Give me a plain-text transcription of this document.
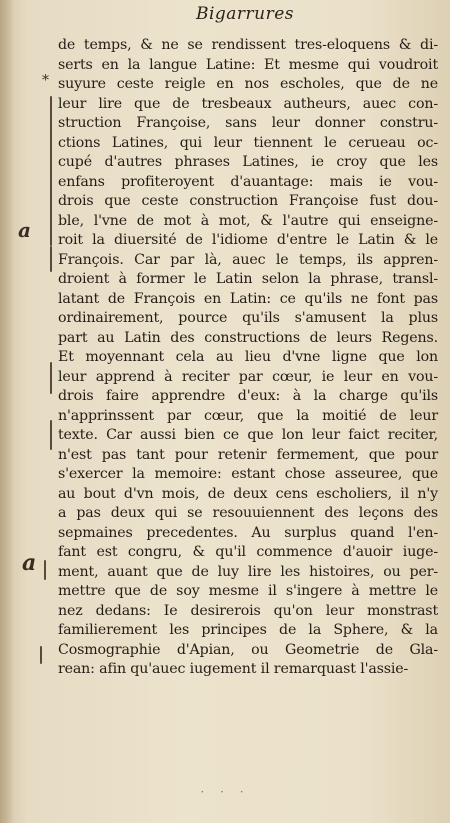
Bigarrures
⁎
a
a
de temps, & ne se rendissent tres-eloquens & di-
serts en la langue Latine: Et mesme qui voudroit
suyure ceste reigle en nos escholes, que de ne
leur lire que de tresbeaux autheurs, auec con-
struction Françoise, sans leur donner constru-
ctions Latines, qui leur tiennent le cerueau oc-
cupé d'autres phrases Latines, ie croy que les
enfans profiteroyent d'auantage: mais ie vou-
drois que ceste construction Françoise fust dou-
ble, l'vne de mot à mot, & l'autre qui enseigne-
roit la diuersité de l'idiome d'entre le Latin & le
François. Car par là, auec le temps, ils appren-
droient à former le Latin selon la phrase, transl-
latant de François en Latin: ce qu'ils ne font pas
ordinairement, pource qu'ils s'amusent la plus
part au Latin des constructions de leurs Regens.
Et moyennant cela au lieu d'vne ligne que lon
leur apprend à reciter par cœur, ie leur en vou-
drois faire apprendre d'eux: à la charge qu'ils
n'apprinssent par cœur, que la moitié de leur
texte. Car aussi bien ce que lon leur faict reciter,
n'est pas tant pour retenir fermement, que pour
s'exercer la memoire: estant chose asseuree, que
au bout d'vn mois, de deux cens escholiers, il n'y
a pas deux qui se resouuiennent des leçons des
sepmaines precedentes. Au surplus quand l'en-
fant est congru, & qu'il commence d'auoir iuge-
ment, auant que de luy lire les histoires, ou per-
mettre que de soy mesme il s'ingere à mettre le
nez dedans: Ie desirerois qu'on leur monstrast
familierement les principes de la Sphere, & la
Cosmographie d'Apian, ou Geometrie de Gla-
rean: afin qu'auec iugement il remarquast l'assie-
· · ·
